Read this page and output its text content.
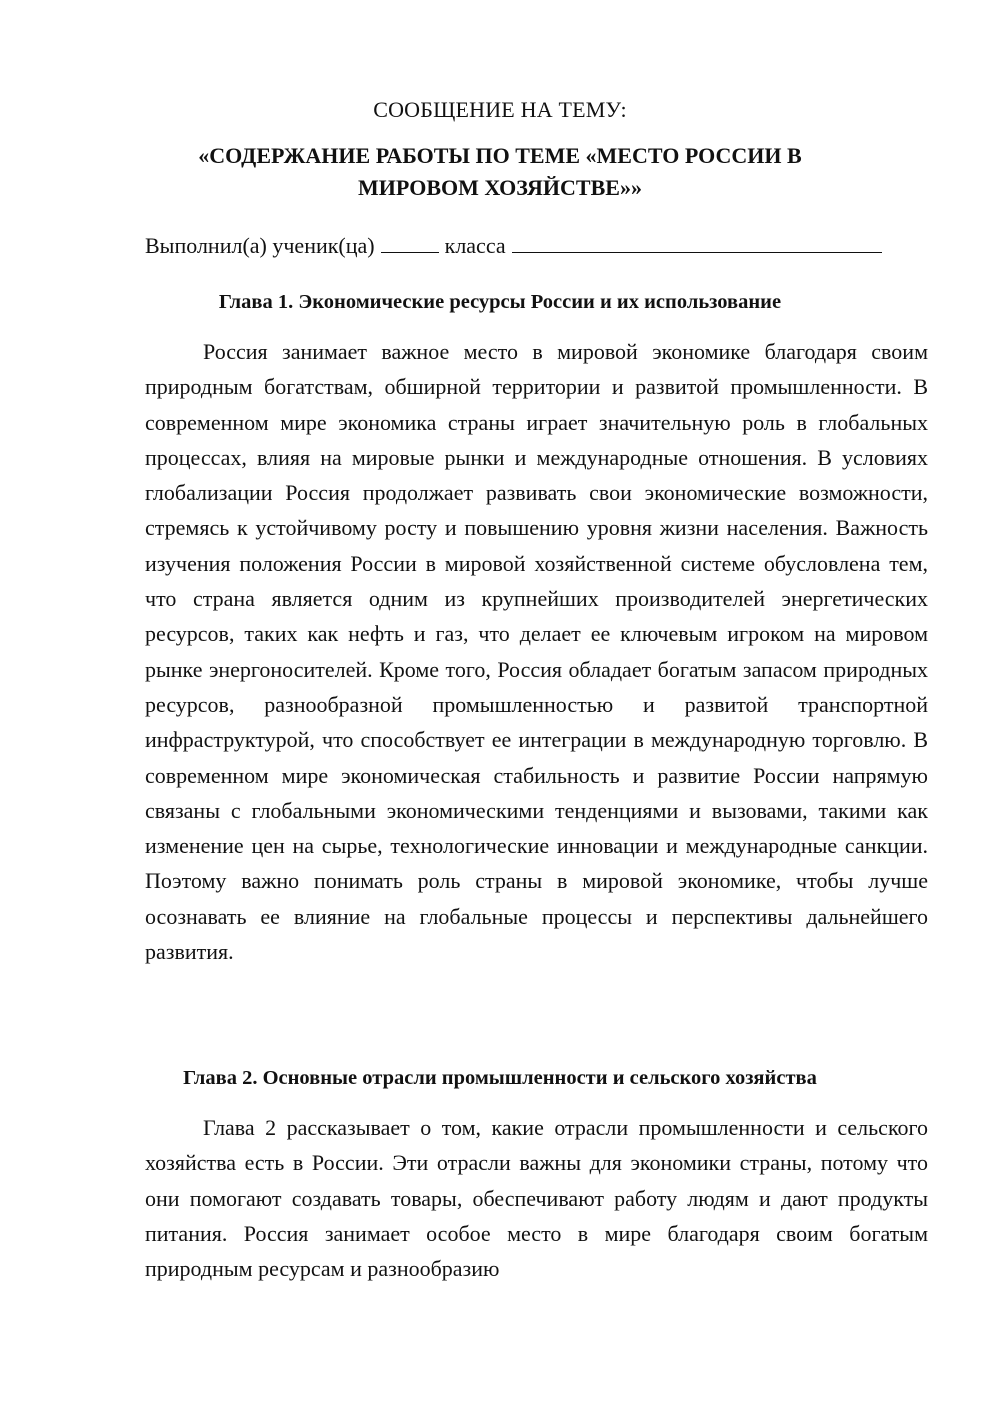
СООБЩЕНИЕ НА ТЕМУ:
«СОДЕРЖАНИЕ РАБОТЫ ПО ТЕМЕ «МЕСТО РОССИИ В МИРОВОМ ХОЗЯЙСТВЕ»»
Выполнил(а) ученик(ца)	класса
Глава 1. Экономические ресурсы России и их использование

Россия занимает важное место в мировой экономике благодаря своим природным богатствам, обширной территории и развитой промышленности. В современном мире экономика страны играет значительную роль в глобальных процессах, влияя на мировые рынки и международные отношения. В условиях глобализации Россия продолжает развивать свои экономические возможности, стремясь к устойчивому росту и повышению уровня жизни населения. Важность изучения положения России в мировой хозяйственной системе обусловлена тем, что страна является одним из крупнейших производителей энергетических ресурсов, таких как нефть и газ, что делает ее ключевым игроком на мировом рынке энергоносителей. Кроме того, Россия обладает богатым запасом природных ресурсов, разнообразной промышленностью и развитой транспортной инфраструктурой, что способствует ее интеграции в международную торговлю. В современном мире экономическая стабильность и развитие России напрямую связаны с глобальными экономическими тенденциями и вызовами, такими как изменение цен на сырье, технологические инновации и международные санкции. Поэтому важно понимать роль страны в мировой экономике, чтобы лучше осознавать ее влияние на глобальные процессы и перспективы дальнейшего развития.

Глава 2. Основные отрасли промышленности и сельского хозяйства

Глава 2 рассказывает о том, какие отрасли промышленности и сельского хозяйства есть в России. Эти отрасли важны для экономики страны, потому что они помогают создавать товары, обеспечивают работу людям и дают продукты питания. Россия занимает особое место в мире благодаря своим богатым природным ресурсам и разнообразию
